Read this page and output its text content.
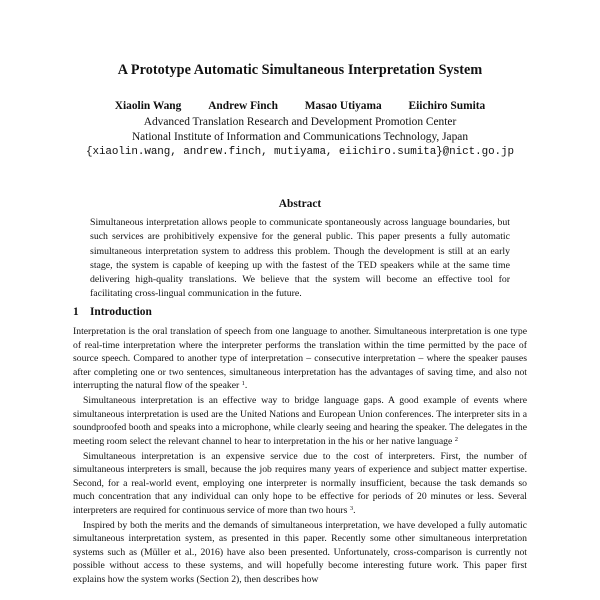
A Prototype Automatic Simultaneous Interpretation System
Xiaolin Wang Andrew Finch Masao Utiyama Eiichiro Sumita
Advanced Translation Research and Development Promotion Center
National Institute of Information and Communications Technology, Japan
{xiaolin.wang, andrew.finch, mutiyama, eiichiro.sumita}@nict.go.jp
Abstract
Simultaneous interpretation allows people to communicate spontaneously across language boundaries, but such services are prohibitively expensive for the general public. This paper presents a fully automatic simultaneous interpretation system to address this problem. Though the development is still at an early stage, the system is capable of keeping up with the fastest of the TED speakers while at the same time delivering high-quality translations. We believe that the system will become an effective tool for facilitating cross-lingual communication in the future.
1 Introduction

Interpretation is the oral translation of speech from one language to another. Simultaneous interpretation is one type of real-time interpretation where the interpreter performs the translation within the time permitted by the pace of source speech. Compared to another type of interpretation – consecutive interpretation – where the speaker pauses after completing one or two sentences, simultaneous interpretation has the advantages of saving time, and also not interrupting the natural flow of the speaker $^1$.

Simultaneous interpretation is an effective way to bridge language gaps. A good example of events where simultaneous interpretation is used are the United Nations and European Union conferences. The interpreter sits in a soundproofed booth and speaks into a microphone, while clearly seeing and hearing the speaker. The delegates in the meeting room select the relevant channel to hear to interpretation in the his or her native language $^2$

Simultaneous interpretation is an expensive service due to the cost of interpreters. First, the number of simultaneous interpreters is small, because the job requires many years of experience and subject matter expertise. Second, for a real-world event, employing one interpreter is normally insufficient, because the task demands so much concentration that any individual can only hope to be effective for periods of 20 minutes or less. Several interpreters are required for continuous service of more than two hours $^3$.

Inspired by both the merits and the demands of simultaneous interpretation, we have developed a fully automatic simultaneous interpretation system, as presented in this paper. Recently some other simultaneous interpretation systems such as (Müller et al., 2016) have also been presented. Unfortunately, cross-comparison is currently not possible without access to these systems, and will hopefully become interesting future work. This paper first explains how the system works (Section 2), then describes how
